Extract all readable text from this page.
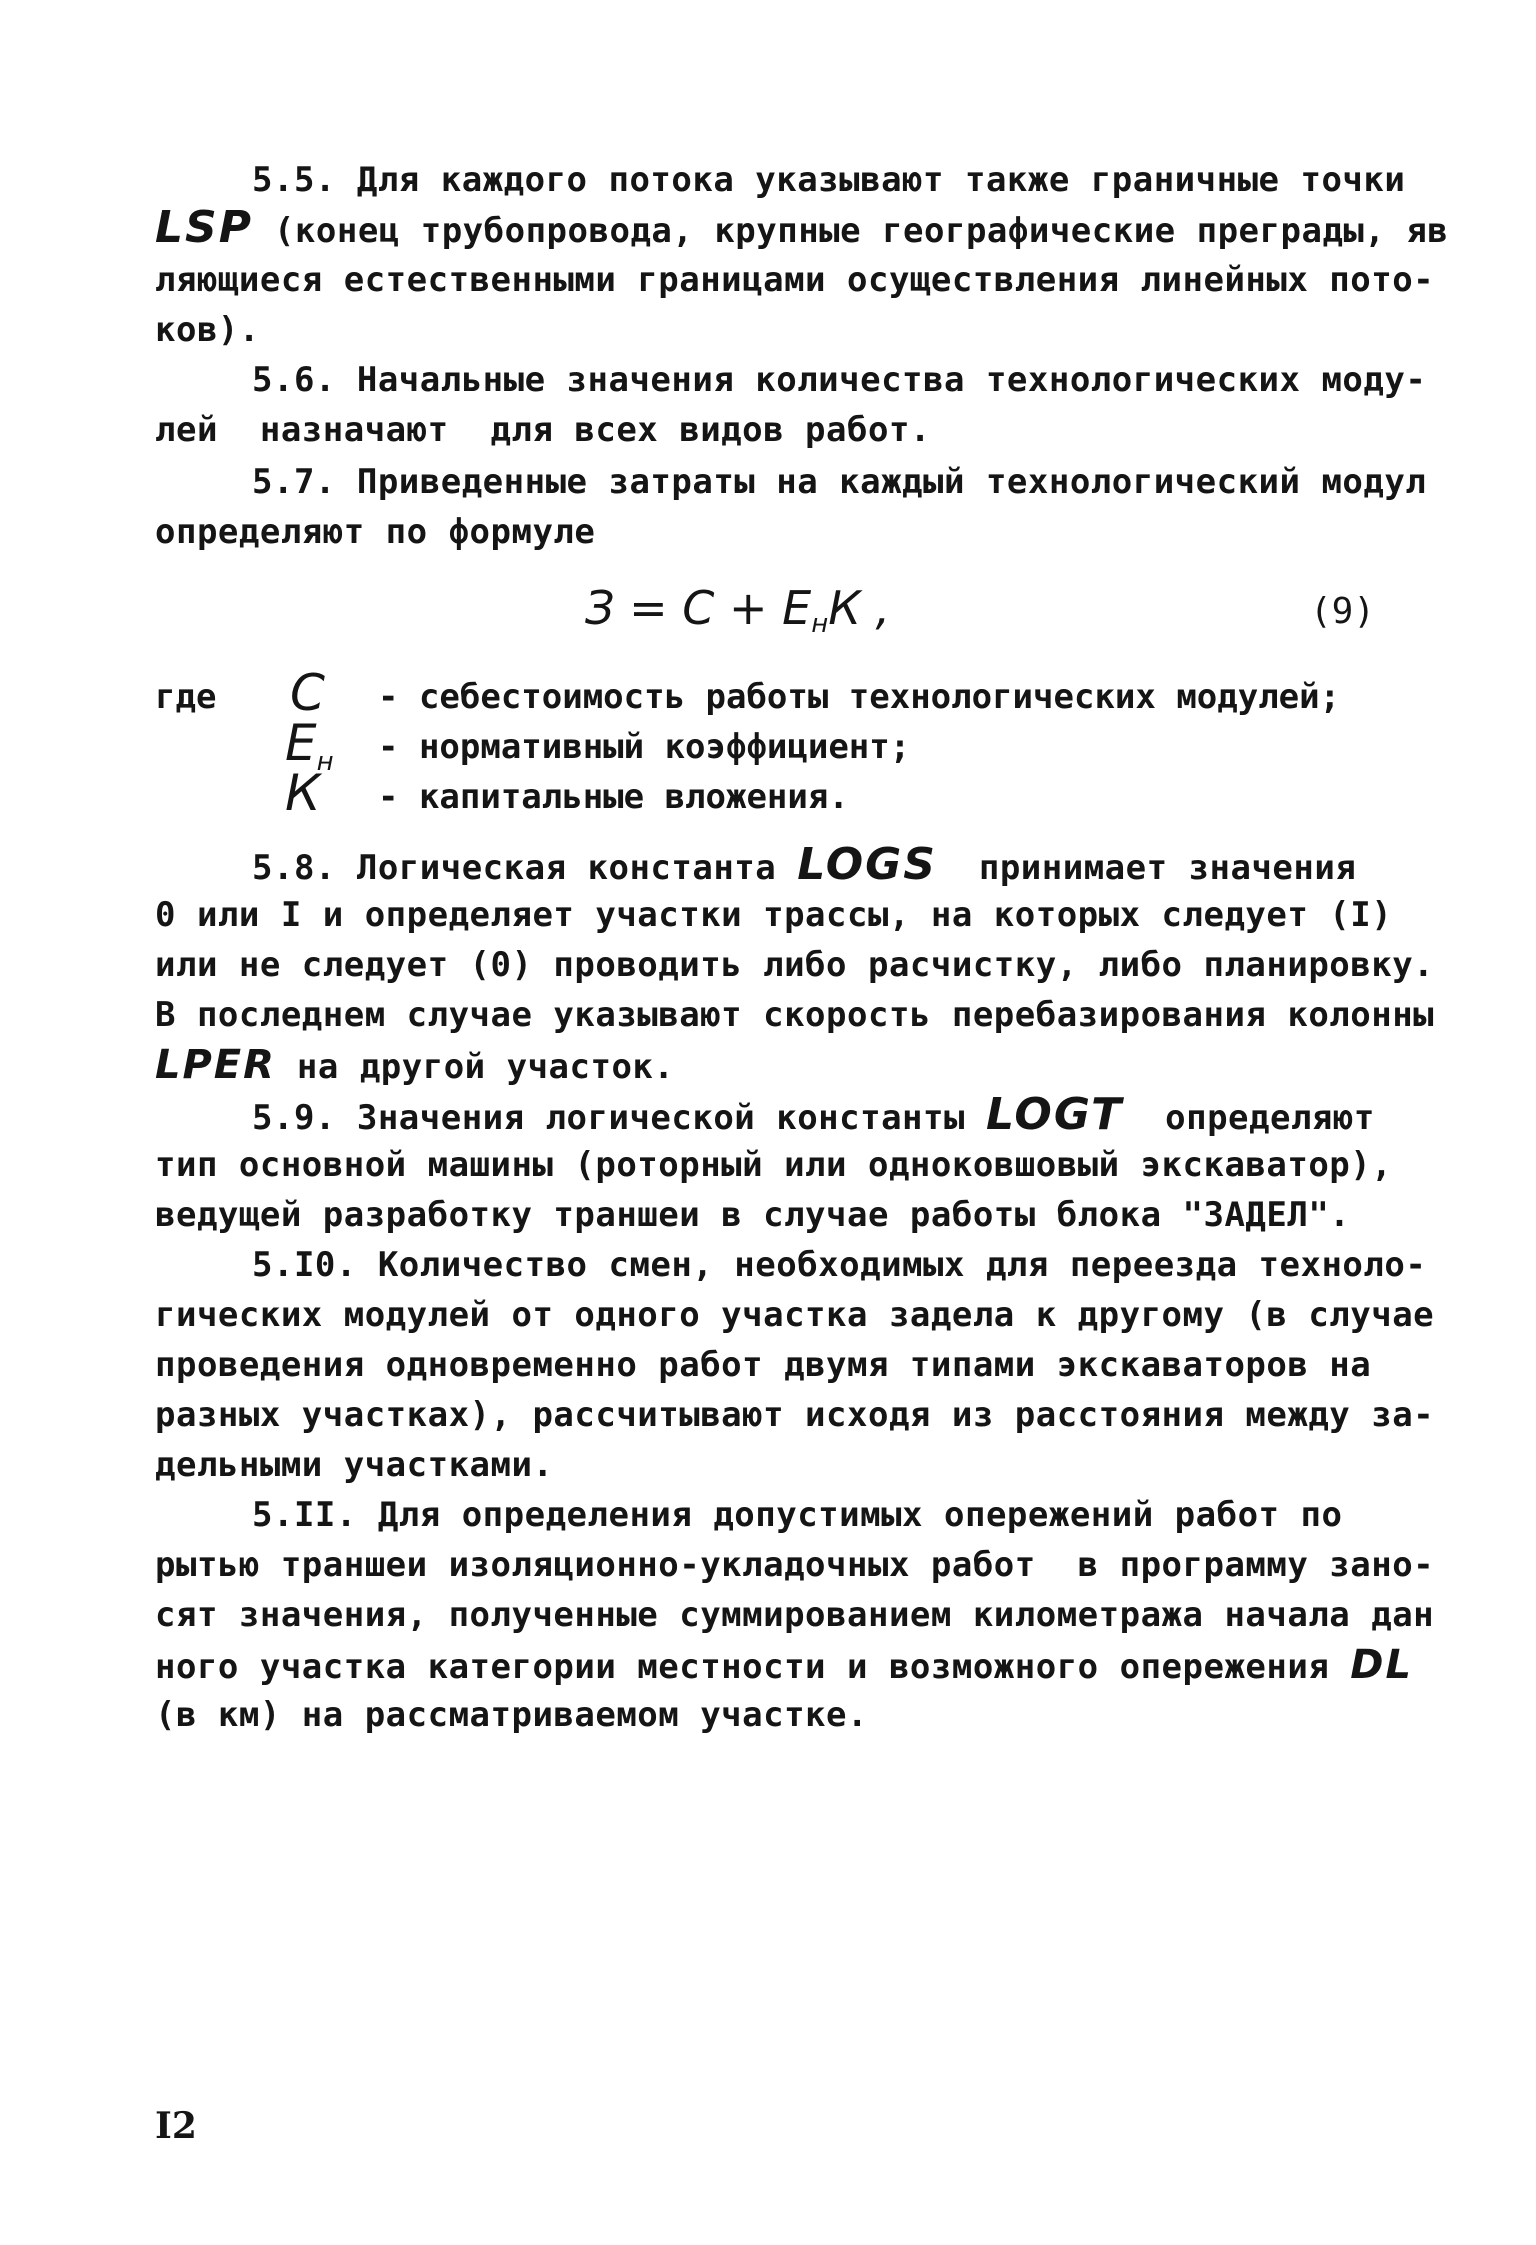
5.5. Для каждого потока указывают также граничные точки
LSP (конец трубопровода, крупные географические преграды, яв
ляющиеся естественными границами осуществления линейных пото-
ков).
5.6. Начальные значения количества технологических моду-
лей  назначают  для всех видов работ.
5.7. Приведенные затраты на каждый технологический модул
определяют по формуле
$З = С + Е_нК$ ,	(9)
где С - себестоимость работы технологических модулей;
$Е_н$ - нормативный коэффициент;
К - капитальные вложения.
5.8. Логическая константа LOGS  принимает значения
0 или I и определяет участки трассы, на которых следует (I)
или не следует (0) проводить либо расчистку, либо планировку.
В последнем случае указывают скорость перебазирования колонны
LPER на другой участок.
5.9. Значения логической константы LOGT  определяют
тип основной машины (роторный или одноковшовый экскаватор),
ведущей разработку траншеи в случае работы блока "ЗАДЕЛ".
5.I0. Количество смен, необходимых для переезда техноло-
гических модулей от одного участка задела к другому (в случае
проведения одновременно работ двумя типами экскаваторов на
разных участках), рассчитывают исходя из расстояния между за-
дельными участками.
5.II. Для определения допустимых опережений работ по
рытью траншеи изоляционно-укладочных работ  в программу зано-
сят значения, полученные суммированием километража начала дан
ного участка категории местности и возможного опережения DL
(в км) на рассматриваемом участке.
I2
